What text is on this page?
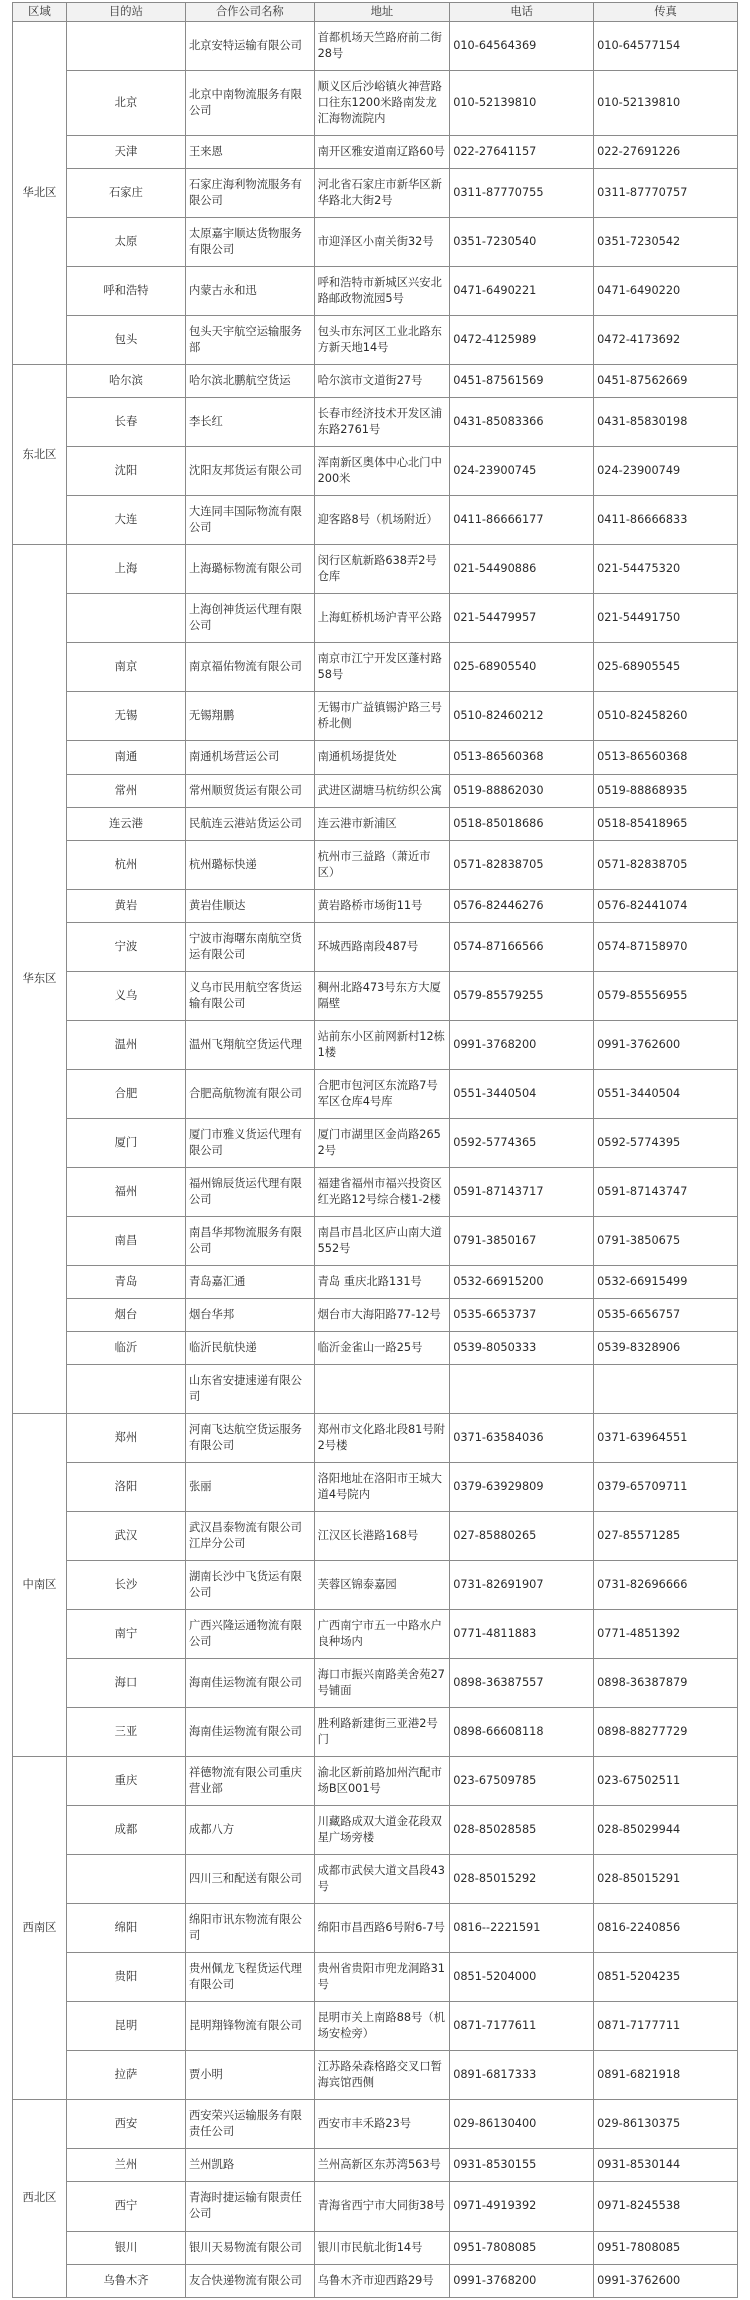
区域	目的站	合作公司名称	地址	电话	传真
华北区		北京安特运输有限公司	首都机场天竺路府前二街28号	010-64564369	010-64577154
	北京	北京中南物流服务有限公司	顺义区后沙峪镇火神营路口往东1200米路南发龙汇海物流院内	010-52139810	010-52139810
	天津	王来恩	南开区雅安道南辽路60号	022-27641157	022-27691226
	石家庄	石家庄海利物流服务有限公司	河北省石家庄市新华区新华路北大街2号	0311-87770755	0311-87770757
	太原	太原嘉宇顺达货物服务有限公司	市迎泽区小南关街32号	0351-7230540	0351-7230542
	呼和浩特	内蒙古永和迅	呼和浩特市新城区兴安北路邮政物流园5号	0471-6490221	0471-6490220
	包头	包头天宇航空运输服务部	包头市东河区工业北路东方新天地14号	0472-4125989	0472-4173692
东北区	哈尔滨	哈尔滨北鹏航空货运	哈尔滨市文道街27号	0451-87561569	0451-87562669
	长春	李长红	长春市经济技术开发区浦东路2761号	0431-85083366	0431-85830198
	沈阳	沈阳友邦货运有限公司	浑南新区奥体中心北门中200米	024-23900745	024-23900749
	大连	大连同丰国际物流有限公司	迎客路8号（机场附近）	0411-86666177	0411-86666833
华东区	上海	上海璐标物流有限公司	闵行区航新路638弄2号仓库	021-54490886	021-54475320
		上海创神货运代理有限公司	上海虹桥机场沪青平公路	021-54479957	021-54491750
	南京	南京福佑物流有限公司	南京市江宁开发区蓬村路58号	025-68905540	025-68905545
	无锡	无锡翔鹏	无锡市广益镇锡沪路三号桥北侧	0510-82460212	0510-82458260
	南通	南通机场营运公司	南通机场提货处	0513-86560368	0513-86560368
	常州	常州顺贸货运有限公司	武进区湖塘马杭纺织公寓	0519-88862030	0519-88868935
	连云港	民航连云港站货运公司	连云港市新浦区	0518-85018686	0518-85418965
	杭州	杭州璐标快递	杭州市三益路（萧近市区）	0571-82838705	0571-82838705
	黄岩	黄岩佳顺达	黄岩路桥市场街11号	0576-82446276	0576-82441074
	宁波	宁波市海曙东南航空货运有限公司	环城西路南段487号	0574-87166566	0574-87158970
	义乌	义乌市民用航空客货运输有限公司	稠州北路473号东方大厦隔壁	0579-85579255	0579-85556955
	温州	温州飞翔航空货运代理	站前东小区前网新村12栋1楼	0991-3768200	0991-3762600
	合肥	合肥高航物流有限公司	合肥市包河区东流路7号军区仓库4号库	0551-3440504	0551-3440504
	厦门	厦门市雅义货运代理有限公司	厦门市湖里区金尚路2652号	0592-5774365	0592-5774395
	福州	福州锦辰货运代理有限公司	福建省福州市福兴投资区红光路12号综合楼1-2楼	0591-87143717	0591-87143747
	南昌	南昌华邦物流服务有限公司	南昌市昌北区庐山南大道552号	0791-3850167	0791-3850675
	青岛	青岛嘉汇通	青岛 重庆北路131号	0532-66915200	0532-66915499
	烟台	烟台华邦	烟台市大海阳路77-12号	0535-6653737	0535-6656757
	临沂	临沂民航快递	临沂金雀山一路25号	0539-8050333	0539-8328906
		山东省安捷速递有限公司			
中南区	郑州	河南飞达航空货运服务有限公司	郑州市文化路北段81号附2号楼	0371-63584036	0371-63964551
	洛阳	张丽	洛阳地址在洛阳市王城大道4号院内	0379-63929809	0379-65709711
	武汉	武汉昌泰物流有限公司江岸分公司	江汉区长港路168号	027-85880265	027-85571285
	长沙	湖南长沙中飞货运有限公司	芙蓉区锦泰嘉园	0731-82691907	0731-82696666
	南宁	广西兴隆运通物流有限公司	广西南宁市五一中路水户良种场内	0771-4811883	0771-4851392
	海口	海南佳运物流有限公司	海口市振兴南路美舍苑27号铺面	0898-36387557	0898-36387879
	三亚	海南佳运物流有限公司	胜利路新建街三亚港2号门	0898-66608118	0898-88277729
西南区	重庆	祥德物流有限公司重庆营业部	渝北区新前路加州汽配市场B区001号	023-67509785	023-67502511
	成都	成都八方	川藏路成双大道金花段双星广场旁楼	028-85028585	028-85029944
		四川三和配送有限公司	成都市武侯大道文昌段43号	028-85015292	028-85015291
	绵阳	绵阳市讯东物流有限公司	绵阳市昌西路6号附6-7号	0816--2221591	0816-2240856
	贵阳	贵州佩龙飞程货运代理有限公司	贵州省贵阳市兜龙洞路31号	0851-5204000	0851-5204235
	昆明	昆明翔锋物流有限公司	昆明市关上南路88号（机场安检旁）	0871-7177611	0871-7177711
	拉萨	贾小明	江苏路朵森格路交叉口暂海宾馆西侧	0891-6817333	0891-6821918
西北区	西安	西安荣兴运输服务有限责任公司	西安市丰禾路23号	029-86130400	029-86130375
	兰州	兰州凯路	兰州高新区东苏湾563号	0931-8530155	0931-8530144
	西宁	青海时捷运输有限责任公司	青海省西宁市大同街38号	0971-4919392	0971-8245538
	银川	银川天易物流有限公司	银川市民航北街14号	0951-7808085	0951-7808085
	乌鲁木齐	友合快递物流有限公司	乌鲁木齐市迎西路29号	0991-3768200	0991-3762600
